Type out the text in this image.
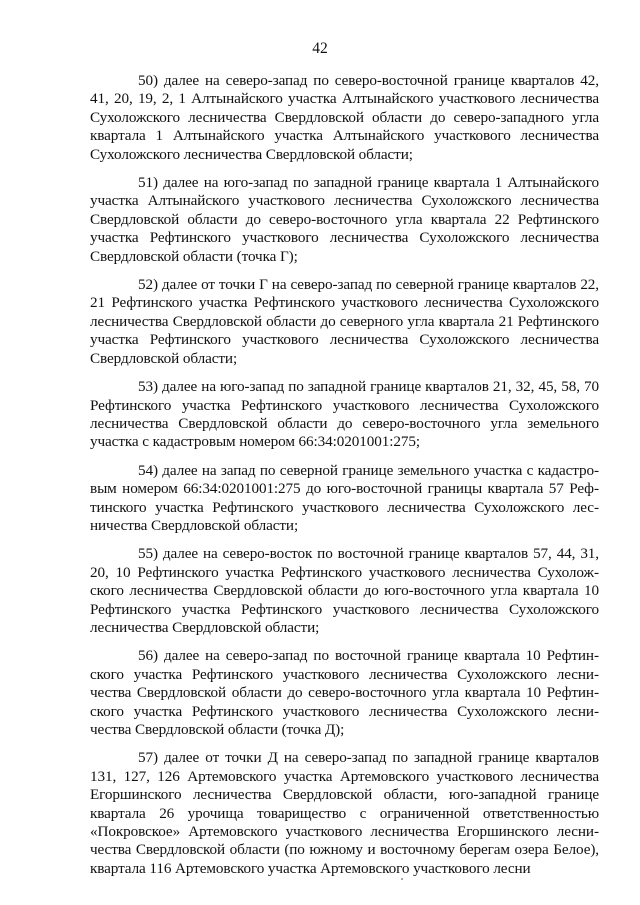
42

50) далее на северо-запад по северо-восточной границе кварталов 42, 41, 20, 19, 2, 1 Алтынайского участка Алтынайского участкового лесничества Сухоложского лесничества Свердловской области до северо-западного угла квартала 1 Алтынайского участка Алтынайского участкового лесничества Сухоложского лесничества Свердловской области;

51) далее на юго-запад по западной границе квартала 1 Алтынайского участка Алтынайского участкового лесничества Сухоложского лесничества Свердловской области до северо-восточного угла квартала 22 Рефтинского участка Рефтинского участкового лесничества Сухоложского лесничества Свердловской области (точка Г);

52) далее от точки Г на северо-запад по северной границе кварталов 22, 21 Рефтинского участка Рефтинского участкового лесничества Сухоложского лесничества Свердловской области до северного угла квартала 21 Рефтинского участка Рефтинского участкового лесничества Сухоложского лесничества Свердловской области;

53) далее на юго-запад по западной границе кварталов 21, 32, 45, 58, 70 Рефтинского участка Рефтинского участкового лесничества Сухоложского лесничества Свердловской области до северо-восточного угла земельного участка с кадастровым номером 66:34:0201001:275;

54) далее на запад по северной границе земельного участка с кадастровым номером 66:34:0201001:275 до юго-восточной границы квартала 57 Рефтинского участка Рефтинского участкового лесничества Сухоложского лесничества Свердловской области;

55) далее на северо-восток по восточной границе кварталов 57, 44, 31, 20, 10 Рефтинского участка Рефтинского участкового лесничества Сухоложского лесничества Свердловской области до юго-восточного угла квартала 10 Рефтинского участка Рефтинского участкового лесничества Сухоложского лесничества Свердловской области;

56) далее на северо-запад по восточной границе квартала 10 Рефтинского участка Рефтинского участкового лесничества Сухоложского лесничества Свердловской области до северо-восточного угла квартала 10 Рефтинского участка Рефтинского участкового лесничества Сухоложского лесничества Свердловской области (точка Д);

57) далее от точки Д на северо-запад по западной границе кварталов 131, 127, 126 Артемовского участка Артемовского участкового лесничества Егоршинского лесничества Свердловской области, юго-западной границе квартала 26 урочища товарищество с ограниченной ответственностью «Покровское» Артемовского участкового лесничества Егоршинского лесничества Свердловской области (по южному и восточному берегам озера Белое), квартала 116 Артемовского участка Артемовского участкового лесни
